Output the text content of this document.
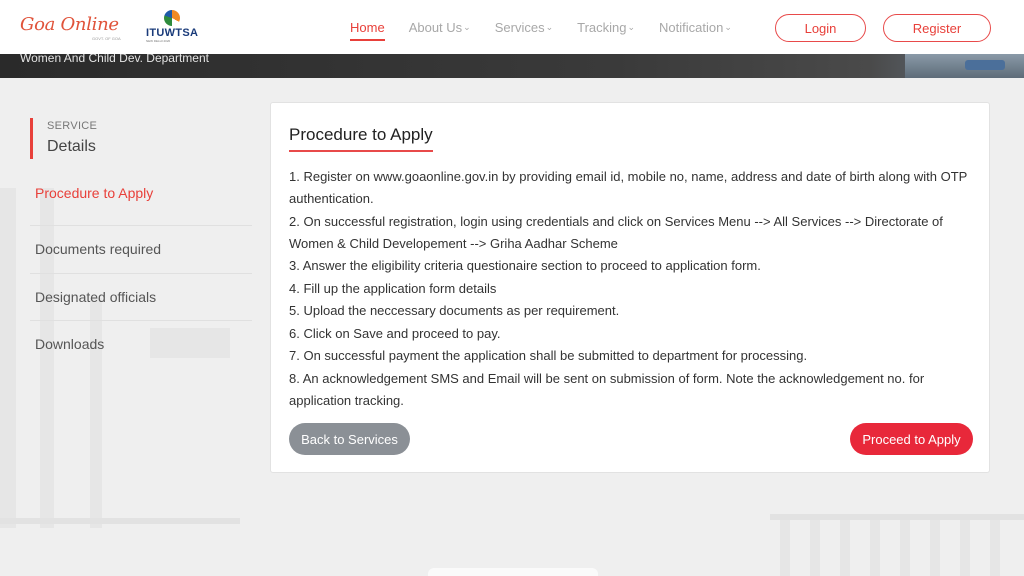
Goa Online
GOVT. OF GOA ITUWTSA
NEW DELHI 2020
Home About Us ⌄ Services ⌄ Tracking ⌄ Notification ⌄	Login	Register
Women And Child Dev. Department
SERVICE
Details
Procedure to Apply
Documents required
Designated officials
Downloads
Procedure to Apply
1. Register on www.goaonline.gov.in by providing email id, mobile no, name, address and date of birth along with OTP authentication.
2. On successful registration, login using credentials and click on Services Menu --> All Services --> Directorate of Women & Child Developement --> Griha Aadhar Scheme
3. Answer the eligibility criteria questionaire section to proceed to application form.
4. Fill up the application form details
5. Upload the neccessary documents as per requirement.
6. Click on Save and proceed to pay.
7. On successful payment the application shall be submitted to department for processing.
8. An acknowledgement SMS and Email will be sent on submission of form. Note the acknowledgement no. for application tracking.
Back to Services	Proceed to Apply
